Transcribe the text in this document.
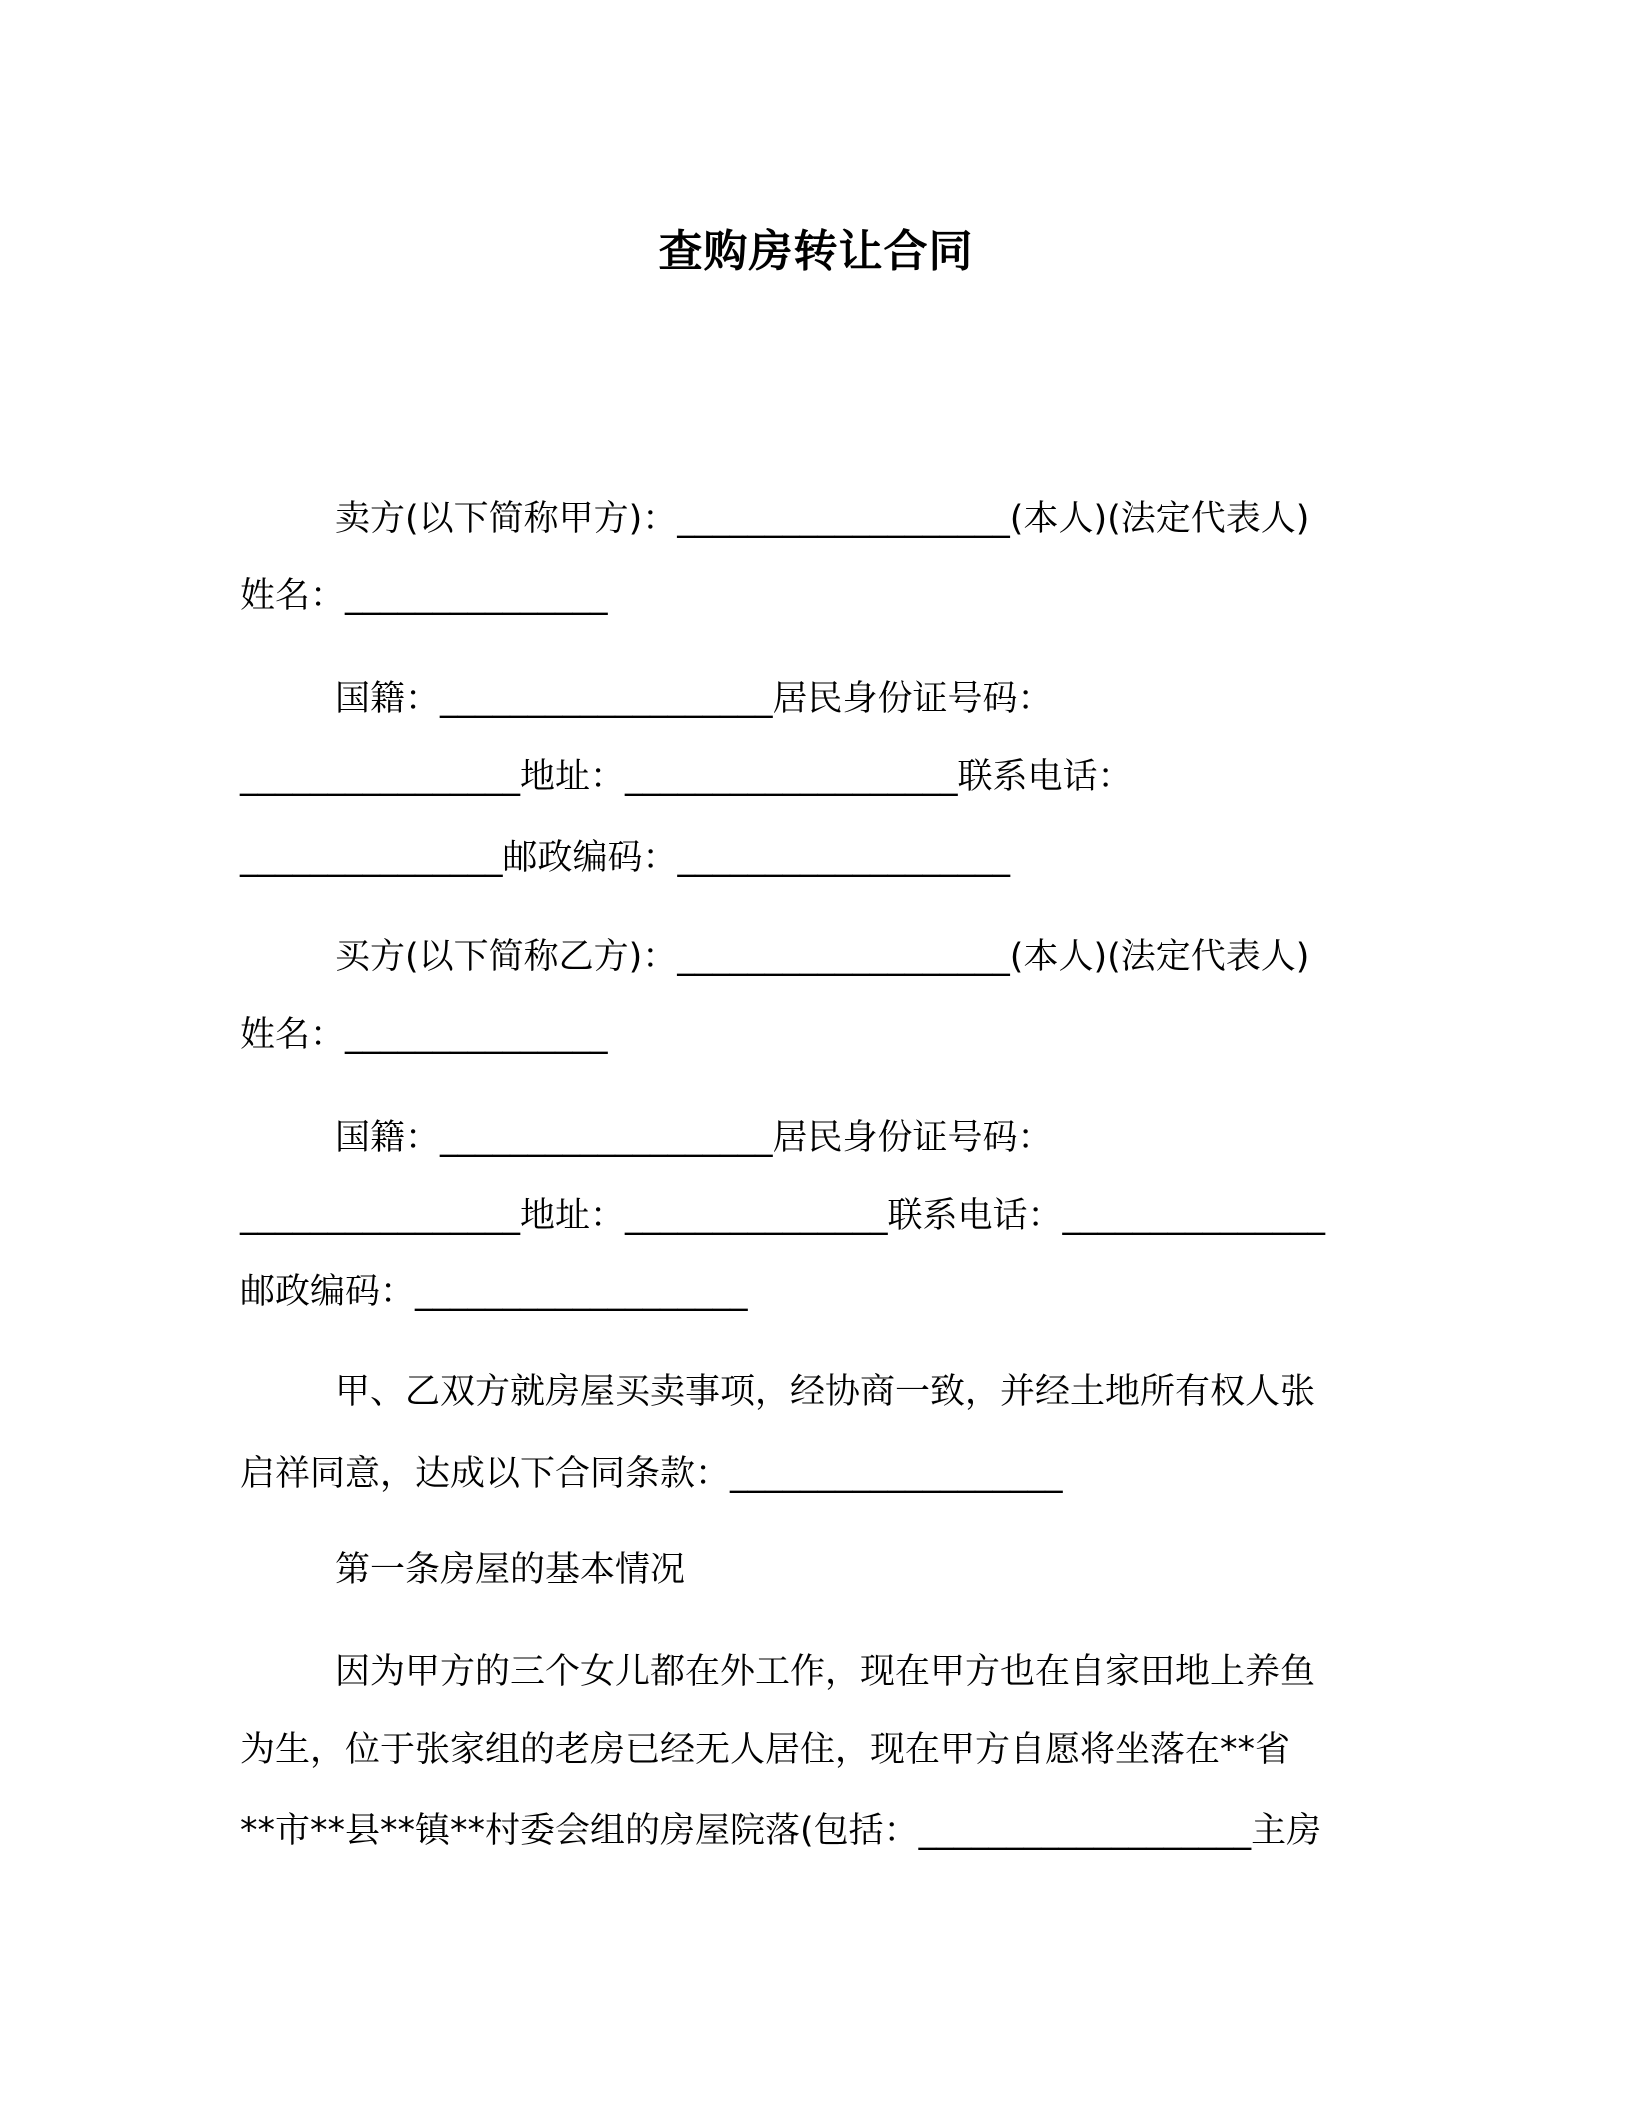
查购房转让合同
卖方(以下简称甲方)：___________________(本人)(法定代表人)
姓名：_______________
国籍：___________________居民身份证号码：
________________地址：___________________联系电话：
_______________邮政编码：___________________
买方(以下简称乙方)：___________________(本人)(法定代表人)
姓名：_______________
国籍：___________________居民身份证号码：
________________地址：_______________联系电话：_______________
邮政编码：___________________
甲、乙双方就房屋买卖事项，经协商一致，并经土地所有权人张
启祥同意，达成以下合同条款：___________________
第一条房屋的基本情况
因为甲方的三个女儿都在外工作，现在甲方也在自家田地上养鱼
为生，位于张家组的老房已经无人居住，现在甲方自愿将坐落在**省
**市**县**镇**村委会组的房屋院落(包括：___________________主房
